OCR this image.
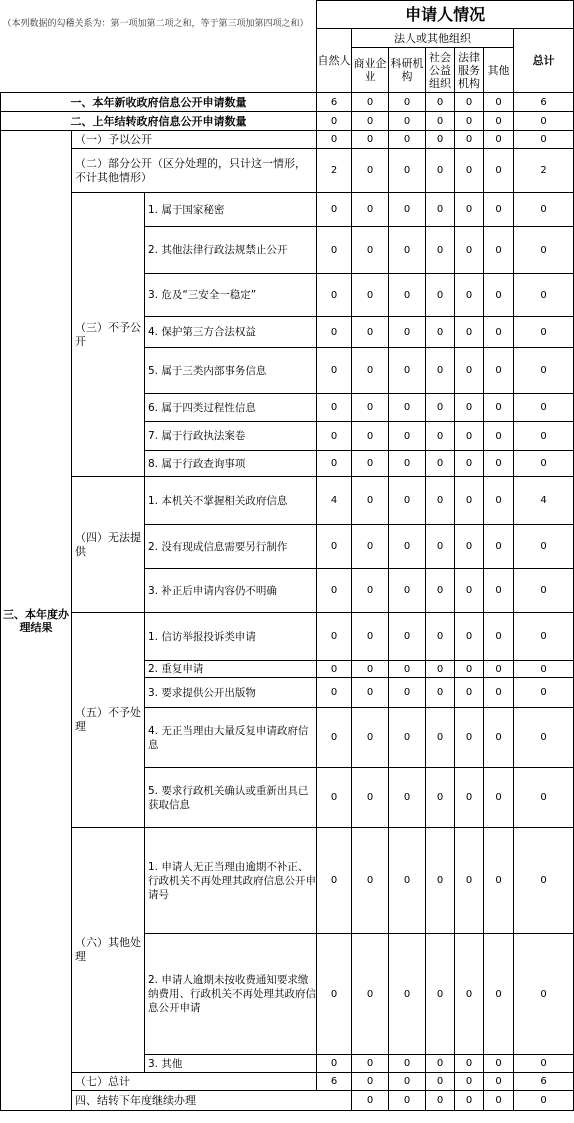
（本列数据的勾稽关系为：第一项加第二项之和，等于第三项加第四项之和）			申请人情况							
			自然人	法人或其他组织					总计	
				商业企业	科研机构	社会公益组织	法律服务机构	其他		
一、本年新收政府信息公开申请数量			6	0	0	0	0	0	6	
二、上年结转政府信息公开申请数量			0	0	0	0	0	0	0	
三、本年度办理结果	（一）予以公开		0	0	0	0	0	0	0	
	（二）部分公开（区分处理的，只计这一情形，不计其他情形）		2	0	0	0	0	0	2	
	（三）不予公开	1. 属于国家秘密	0	0	0	0	0	0	0	
		2. 其他法律行政法规禁止公开	0	0	0	0	0	0	0	
		3. 危及“三安全一稳定”	0	0	0	0	0	0	0	
		4. 保护第三方合法权益	0	0	0	0	0	0	0	
		5. 属于三类内部事务信息	0	0	0	0	0	0	0	
		6. 属于四类过程性信息	0	0	0	0	0	0	0	
		7. 属于行政执法案卷	0	0	0	0	0	0	0	
		8. 属于行政查询事项	0	0	0	0	0	0	0	
	（四）无法提供	1. 本机关不掌握相关政府信息	4	0	0	0	0	0	4	
		2. 没有现成信息需要另行制作	0	0	0	0	0	0	0	
		3. 补正后申请内容仍不明确	0	0	0	0	0	0	0	
	（五）不予处理	1. 信访举报投诉类申请	0	0	0	0	0	0	0	
		2. 重复申请	0	0	0	0	0	0	0	
		3. 要求提供公开出版物	0	0	0	0	0	0	0	
		4. 无正当理由大量反复申请政府信息	0	0	0	0	0	0	0	
		5. 要求行政机关确认或重新出具已获取信息	0	0	0	0	0	0	0	
	（六）其他处理	1. 申请人无正当理由逾期不补正、行政机关不再处理其政府信息公开申请号	0	0	0	0	0	0	0	
		2. 申请人逾期未按收费通知要求缴纳费用、行政机关不再处理其政府信息公开申请	0	0	0	0	0	0	0	
		3. 其他	0	0	0	0	0	0	0	
	（七）总计		6	0	0	0	0	0	6	
	四、结转下年度继续办理			0	0	0	0	0	0	
